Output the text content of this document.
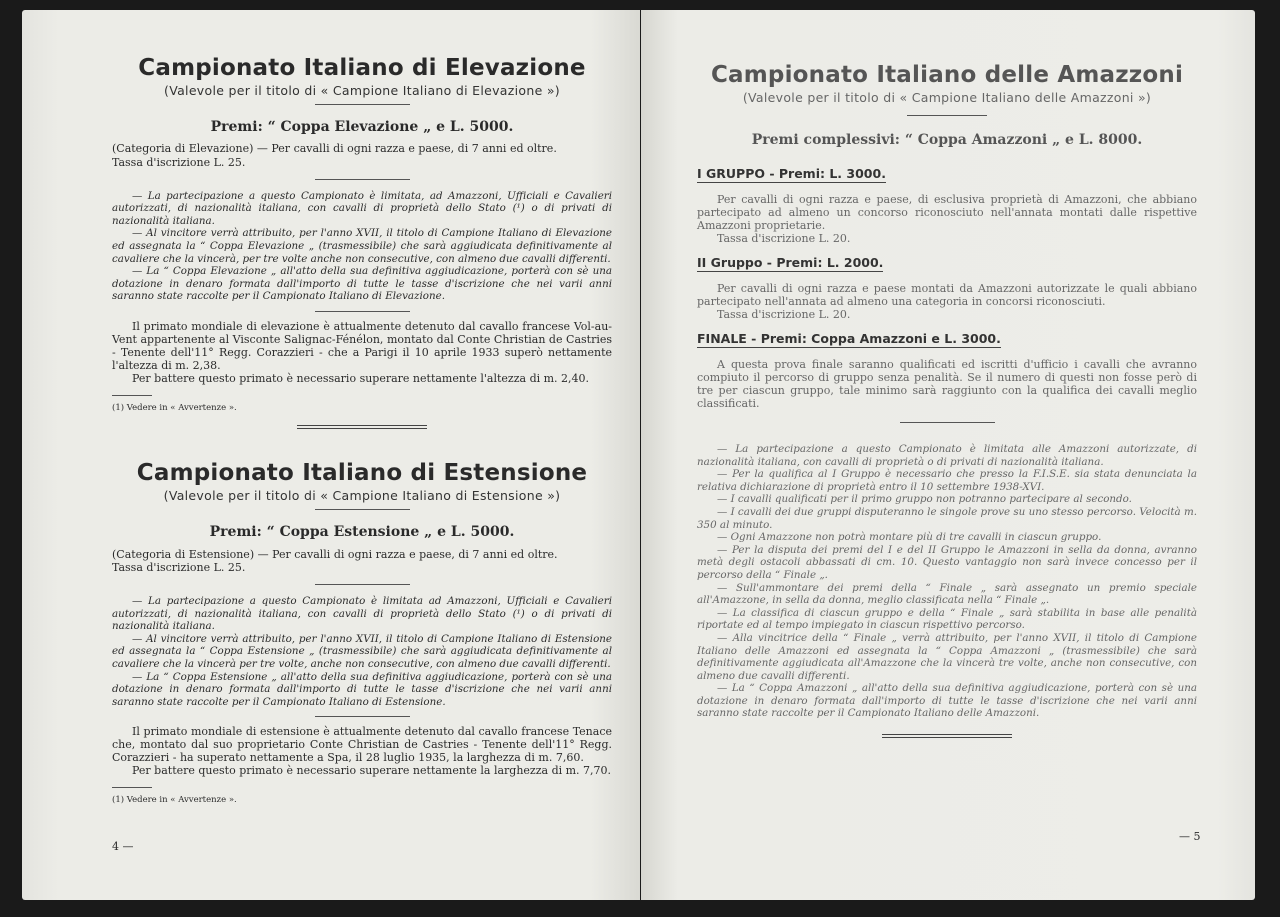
Campionato Italiano di Elevazione
(Valevole per il titolo di « Campione Italiano di Elevazione »)
Premi: “ Coppa Elevazione „ e L. 5000.

(Categoria di Elevazione) — Per cavalli di ogni razza e paese, di 7 anni ed oltre.

Tassa d'iscrizione L. 25.

— La partecipazione a questo Campionato è limitata, ad Amazzoni, Ufficiali e Cavalieri autorizzati, di nazionalità italiana, con cavalli di proprietà dello Stato (¹) o di privati di nazionalità italiana.

— Al vincitore verrà attribuito, per l'anno XVII, il titolo di Campione Italiano di Elevazione ed assegnata la “ Coppa Elevazione „ (trasmessibile) che sarà aggiudicata definitivamente al cavaliere che la vincerà, per tre volte anche non consecutive, con almeno due cavalli differenti.

— La “ Coppa Elevazione „ all'atto della sua definitiva aggiudicazione, porterà con sè una dotazione in denaro formata dall'importo di tutte le tasse d'iscrizione che nei varii anni saranno state raccolte per il Campionato Italiano di Elevazione.

Il primato mondiale di elevazione è attualmente detenuto dal cavallo francese Vol-au-Vent appartenente al Visconte Salignac-Fénélon, montato dal Conte Christian de Castries - Tenente dell'11° Regg. Corazzieri - che a Parigi il 10 aprile 1933 superò nettamente l'altezza di m. 2,38.

Per battere questo primato è necessario superare nettamente l'altezza di m. 2,40.

(1) Vedere in « Avvertenze ».

Campionato Italiano di Estensione
(Valevole per il titolo di « Campione Italiano di Estensione »)
Premi: “ Coppa Estensione „ e L. 5000.

(Categoria di Estensione) — Per cavalli di ogni razza e paese, di 7 anni ed oltre.

Tassa d'iscrizione L. 25.

— La partecipazione a questo Campionato è limitata ad Amazzoni, Ufficiali e Cavalieri autorizzati, di nazionalità italiana, con cavalli di proprietà dello Stato (¹) o di privati di nazionalità italiana.

— Al vincitore verrà attribuito, per l'anno XVII, il titolo di Campione Italiano di Estensione ed assegnata la “ Coppa Estensione „ (trasmessibile) che sarà aggiudicata definitivamente al cavaliere che la vincerà per tre volte, anche non consecutive, con almeno due cavalli differenti.

— La “ Coppa Estensione „ all'atto della sua definitiva aggiudicazione, porterà con sè una dotazione in denaro formata dall'importo di tutte le tasse d'iscrizione che nei varii anni saranno state raccolte per il Campionato Italiano di Estensione.

Il primato mondiale di estensione è attualmente detenuto dal cavallo francese Tenace che, montato dal suo proprietario Conte Christian de Castries - Tenente dell'11° Regg. Corazzieri - ha superato nettamente a Spa, il 28 luglio 1935, la larghezza di m. 7,60.

Per battere questo primato è necessario superare nettamente la larghezza di m. 7,70.

(1) Vedere in « Avvertenze ».

4 —
Campionato Italiano delle Amazzoni
(Valevole per il titolo di « Campione Italiano delle Amazzoni »)
Premi complessivi: “ Coppa Amazzoni „ e L. 8000.
I GRUPPO - Premi: L. 3000.

Per cavalli di ogni razza e paese, di esclusiva proprietà di Amazzoni, che abbiano partecipato ad almeno un concorso riconosciuto nell'annata montati dalle rispettive Amazzoni proprietarie.

Tassa d'iscrizione L. 20.

II Gruppo - Premi: L. 2000.

Per cavalli di ogni razza e paese montati da Amazzoni autorizzate le quali abbiano partecipato nell'annata ad almeno una categoria in concorsi riconosciuti.

Tassa d'iscrizione L. 20.

FINALE - Premi: Coppa Amazzoni e L. 3000.

A questa prova finale saranno qualificati ed iscritti d'ufficio i cavalli che avranno compiuto il percorso di gruppo senza penalità. Se il numero di questi non fosse però di tre per ciascun gruppo, tale minimo sarà raggiunto con la qualifica dei cavalli meglio classificati.

— La partecipazione a questo Campionato è limitata alle Amazzoni autorizzate, di nazionalità italiana, con cavalli di proprietà o di privati di nazionalità italiana.

— Per la qualifica al I Gruppo è necessario che presso la F.I.S.E. sia stata denunciata la relativa dichiarazione di proprietà entro il 10 settembre 1938-XVI.

— I cavalli qualificati per il primo gruppo non potranno partecipare al secondo.

— I cavalli dei due gruppi disputeranno le singole prove su uno stesso percorso. Velocità m. 350 al minuto.

— Ogni Amazzone non potrà montare più di tre cavalli in ciascun gruppo.

— Per la disputa dei premi del I e del II Gruppo le Amazzoni in sella da donna, avranno metà degli ostacoli abbassati di cm. 10. Questo vantaggio non sarà invece concesso per il percorso della “ Finale „.

— Sull'ammontare dei premi della “ Finale „ sarà assegnato un premio speciale all'Amazzone, in sella da donna, meglio classificata nella “ Finale „.

— La classifica di ciascun gruppo e della “ Finale „ sarà stabilita in base alle penalità riportate ed al tempo impiegato in ciascun rispettivo percorso.

— Alla vincitrice della “ Finale „ verrà attribuito, per l'anno XVII, il titolo di Campione Italiano delle Amazzoni ed assegnata la “ Coppa Amazzoni „ (trasmessibile) che sarà definitivamente aggiudicata all'Amazzone che la vincerà tre volte, anche non consecutive, con almeno due cavalli differenti.

— La “ Coppa Amazzoni „ all'atto della sua definitiva aggiudicazione, porterà con sè una dotazione in denaro formata dall'importo di tutte le tasse d'iscrizione che nei varii anni saranno state raccolte per il Campionato Italiano delle Amazzoni.

— 5
